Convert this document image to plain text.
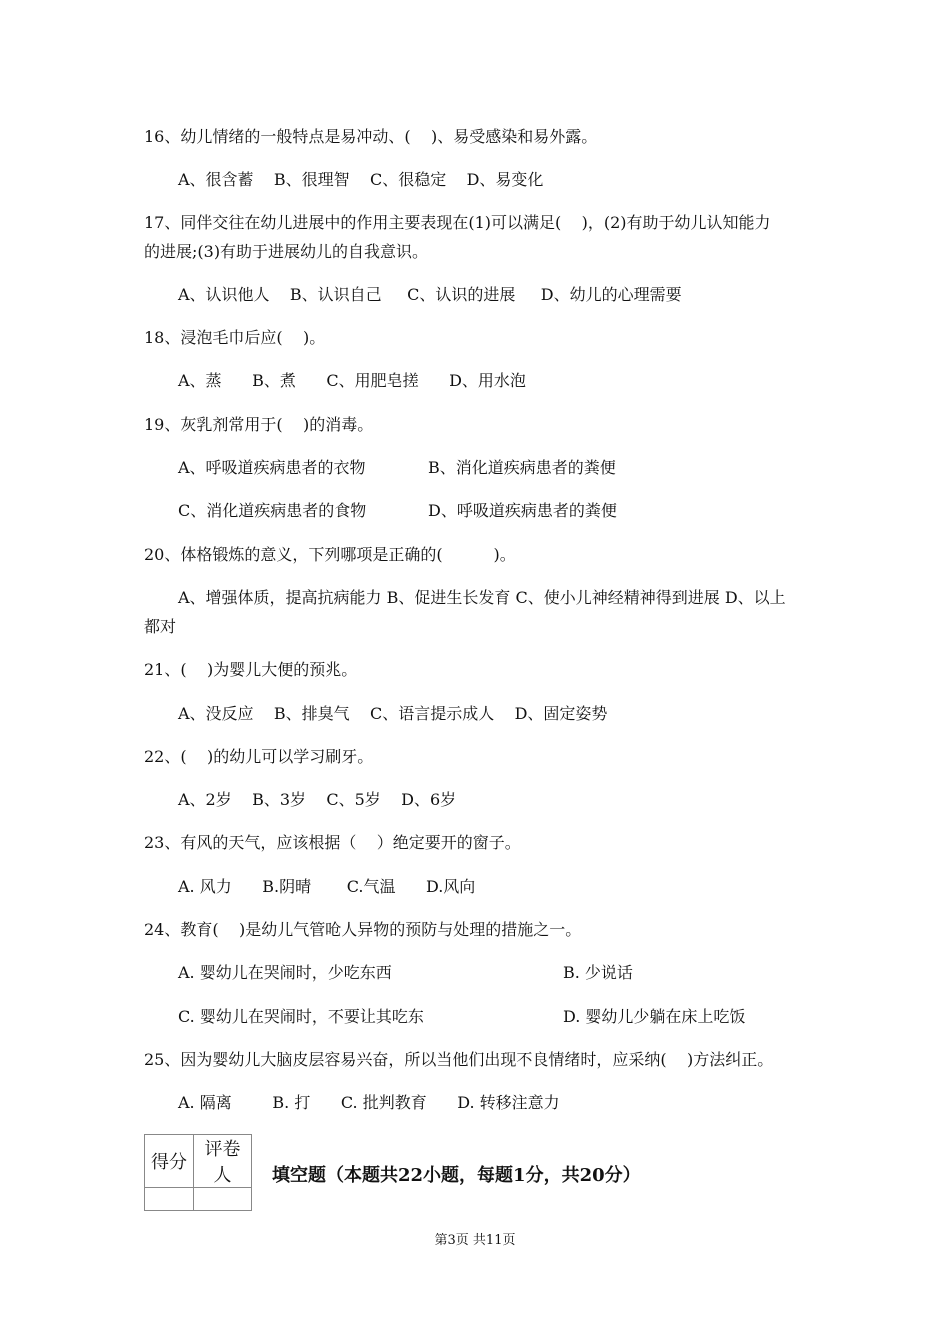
16、幼儿情绪的一般特点是易冲动、(    )、易受感染和易外露。
A、很含蓄    B、很理智    C、很稳定    D、易变化
17、同伴交往在幼儿进展中的作用主要表现在(1)可以满足(    )，(2)有助于幼儿认知能力
的进展;(3)有助于进展幼儿的自我意识。
A、认识他人    B、认识自己     C、认识的进展     D、幼儿的心理需要
18、浸泡毛巾后应(    )。
A、蒸      B、煮      C、用肥皂搓      D、用水泡
19、灰乳剂常用于(    )的消毒。
A、呼吸道疾病患者的衣物	B、消化道疾病患者的粪便
C、消化道疾病患者的食物	D、呼吸道疾病患者的粪便
20、体格锻炼的意义，下列哪项是正确的(          )。
A、增强体质，提高抗病能力 B、促进生长发育 C、使小儿神经精神得到进展 D、以上
都对
21、(    )为婴儿大便的预兆。
A、没反应    B、排臭气    C、语言提示成人    D、固定姿势
22、(    )的幼儿可以学习刷牙。
A、2岁    B、3岁    C、5岁    D、6岁
23、有风的天气，应该根据（    ）绝定要开的窗子。
A. 风力      B.阴晴       C.气温      D.风向
24、教育(    )是幼儿气管呛人异物的预防与处理的措施之一。
A. 婴幼儿在哭闹时，少吃东西	B. 少说话
C. 婴幼儿在哭闹时，不要让其吃东	D. 婴幼儿少躺在床上吃饭
25、因为婴幼儿大脑皮层容易兴奋，所以当他们出现不良情绪时，应采纳(    )方法纠正。
A. 隔离        B. 打      C. 批判教育      D. 转移注意力
得分	评卷人
	填空题（本题共22小题，每题1分，共20分）
第3页 共11页
